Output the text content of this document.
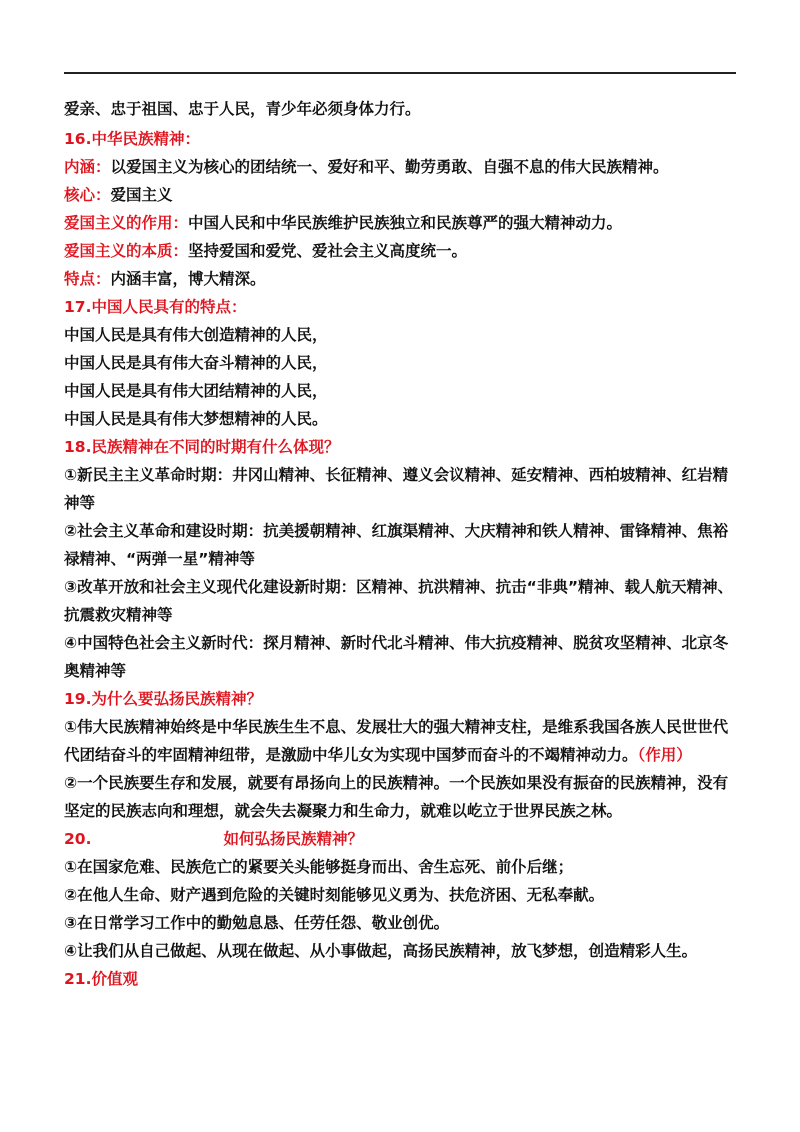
爱亲、忠于祖国、忠于人民，青少年必须身体力行。

16.中华民族精神：

内涵：以爱国主义为核心的团结统一、爱好和平、勤劳勇敢、自强不息的伟大民族精神。

核心：爱国主义

爱国主义的作用：中国人民和中华民族维护民族独立和民族尊严的强大精神动力。

爱国主义的本质：坚持爱国和爱党、爱社会主义高度统一。

特点：内涵丰富，博大精深。

17.中国人民具有的特点：

中国人民是具有伟大创造精神的人民，

中国人民是具有伟大奋斗精神的人民，

中国人民是具有伟大团结精神的人民，

中国人民是具有伟大梦想精神的人民。

18.民族精神在不同的时期有什么体现？

①新民主主义革命时期：井冈山精神、长征精神、遵义会议精神、延安精神、西柏坡精神、红岩精神等

②社会主义革命和建设时期：抗美援朝精神、红旗渠精神、大庆精神和铁人精神、雷锋精神、焦裕禄精神、“两弹一星”精神等

③改革开放和社会主义现代化建设新时期：区精神、抗洪精神、抗击“非典”精神、载人航天精神、抗震救灾精神等

④中国特色社会主义新时代：探月精神、新时代北斗精神、伟大抗疫精神、脱贫攻坚精神、北京冬奥精神等

19.为什么要弘扬民族精神？

①伟大民族精神始终是中华民族生生不息、发展壮大的强大精神支柱，是维系我国各族人民世世代代团结奋斗的牢固精神纽带，是激励中华儿女为实现中国梦而奋斗的不竭精神动力。（作用）

②一个民族要生存和发展，就要有昂扬向上的民族精神。一个民族如果没有振奋的民族精神，没有坚定的民族志向和理想，就会失去凝聚力和生命力，就难以屹立于世界民族之林。

20.	如何弘扬民族精神？

①在国家危难、民族危亡的紧要关头能够挺身而出、舍生忘死、前仆后继；

②在他人生命、财产遇到危险的关键时刻能够见义勇为、扶危济困、无私奉献。

③在日常学习工作中的勤勉息恳、任劳任怨、敬业创优。

④让我们从自己做起、从现在做起、从小事做起，高扬民族精神，放飞梦想，创造精彩人生。

21.价值观
